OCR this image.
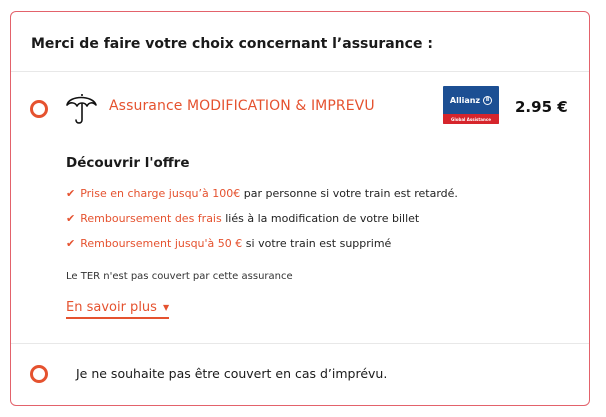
Merci de faire votre choix concernant l’assurance :
Assurance MODIFICATION & IMPREVU	Allianz	Ⅱ
Global Assistance
2.95 €
Découvrir l'offre
✔ Prise en charge jusqu’à 100€ par personne si votre train est retardé.
✔ Remboursement des frais liés à la modification de votre billet
✔ Remboursement jusqu'à 50 € si votre train est supprimé
Le TER n'est pas couvert par cette assurance
En savoir plus ▼
Je ne souhaite pas être couvert en cas d’imprévu.
